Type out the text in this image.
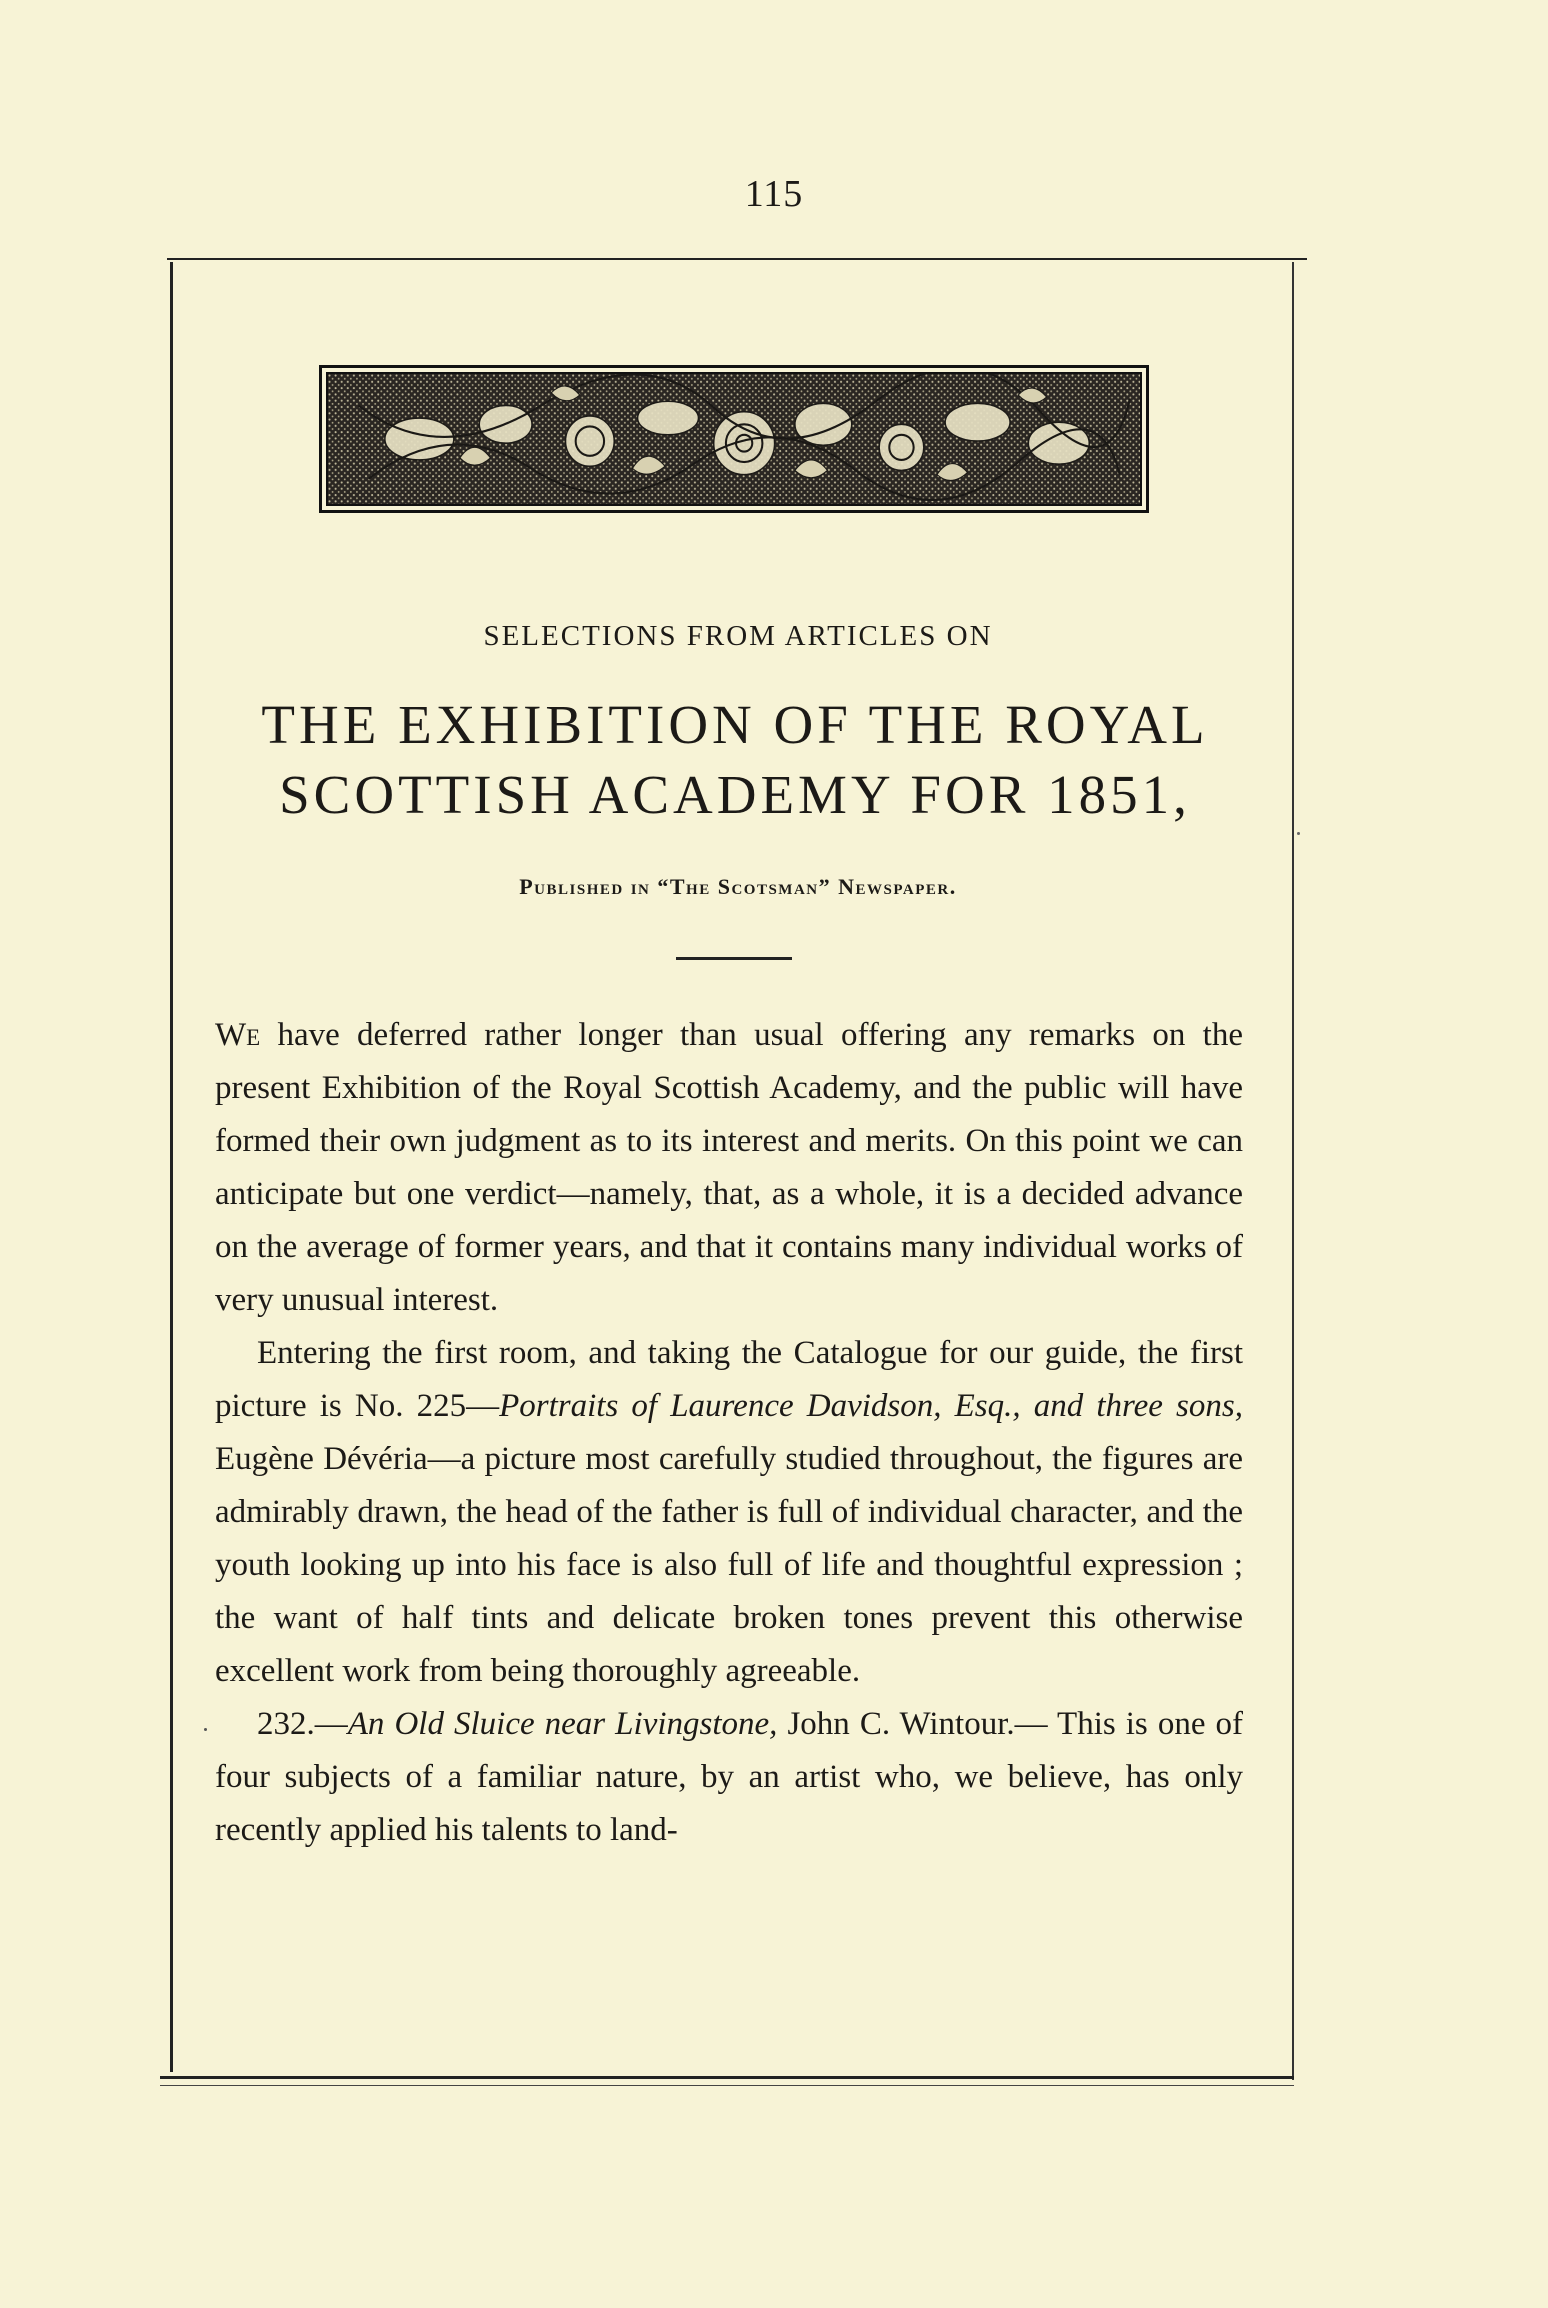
115
SELECTIONS FROM ARTICLES ON
THE EXHIBITION OF THE ROYAL
SCOTTISH ACADEMY FOR 1851,
Published in “The Scotsman” Newspaper.

We have deferred rather longer than usual offering any remarks on the present Exhibition of the Royal Scottish Academy, and the public will have formed their own judgment as to its interest and merits. On this point we can anticipate but one verdict—namely, that, as a whole, it is a decided advance on the average of former years, and that it contains many individual works of very unusual interest.

Entering the first room, and taking the Catalogue for our guide, the first picture is No. 225—Portraits of Laurence Davidson, Esq., and three sons, Eugène Dévéria—a picture most carefully studied throughout, the figures are admirably drawn, the head of the father is full of individual character, and the youth looking up into his face is also full of life and thoughtful expression ; the want of half tints and delicate broken tones prevent this otherwise excellent work from being thoroughly agreeable.

232.—An Old Sluice near Livingstone, John C. Wintour.— This is one of four subjects of a familiar nature, by an artist who, we believe, has only recently applied his talents to land-
